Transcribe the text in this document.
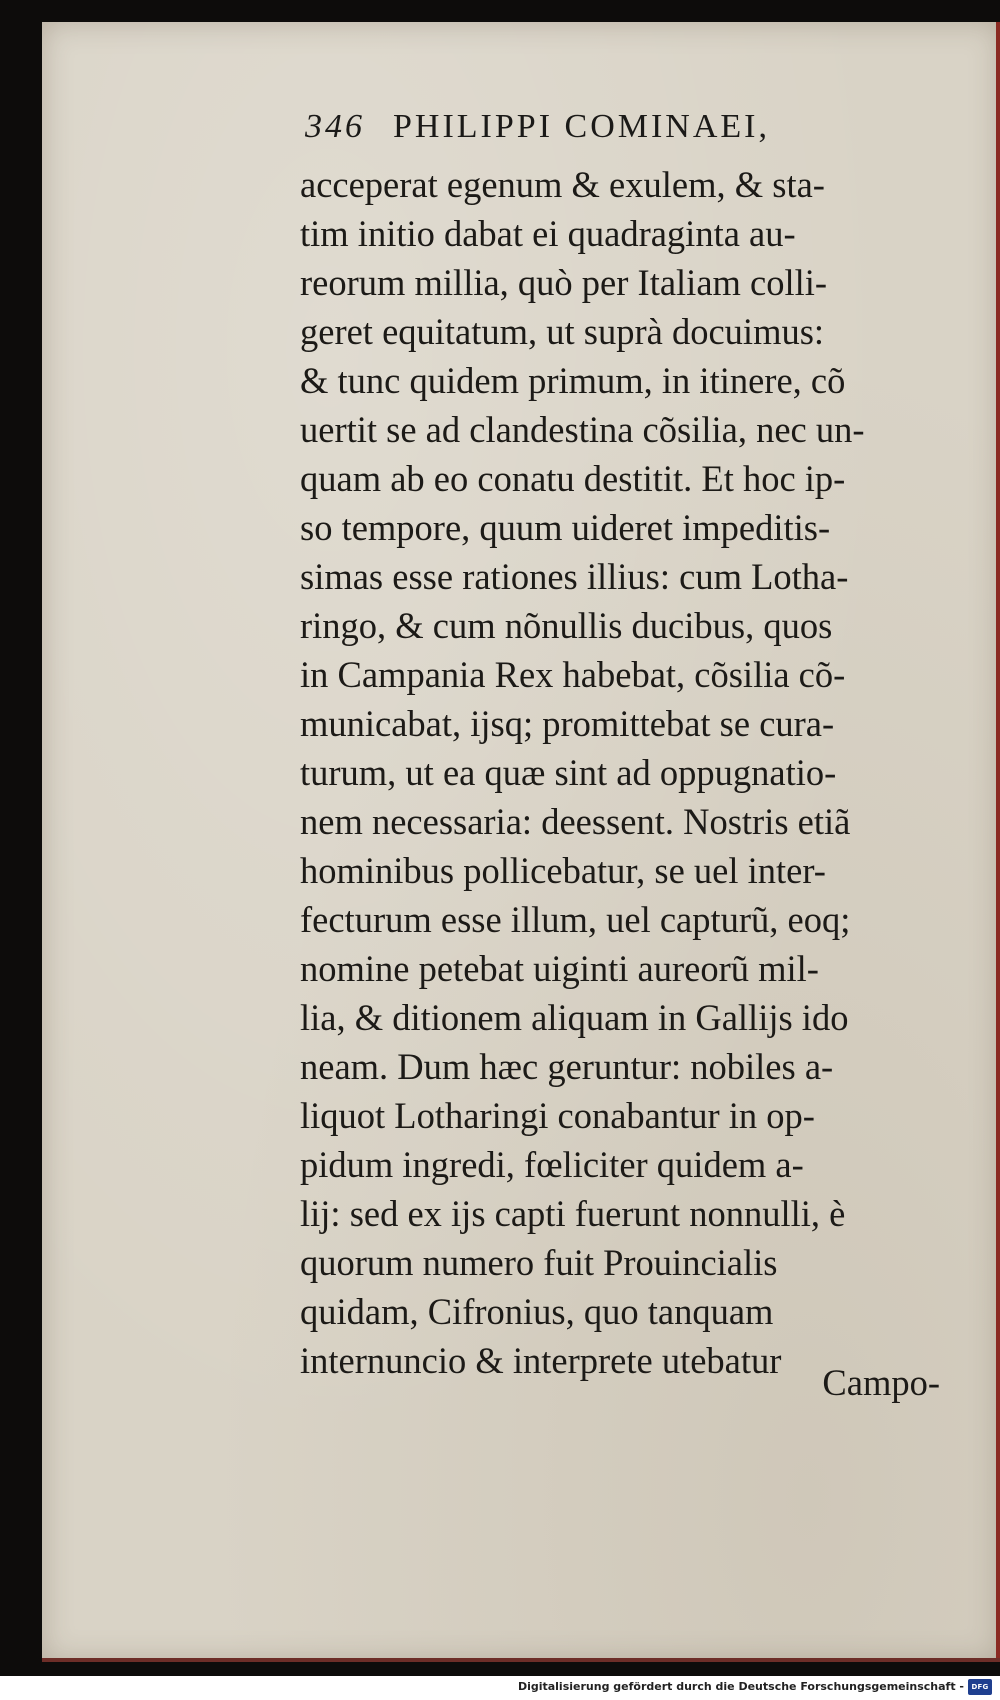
346 PHILIPPI COMINAEI,
acceperat egenum & exulem, & sta-
tim initio dabat ei quadraginta au-
reorum millia, quò per Italiam colli-
geret equitatum, ut suprà docuimus:
& tunc quidem primum, in itinere, cõ
uertit se ad clandestina cõsilia, nec un-
quam ab eo conatu destitit. Et hoc ip-
so tempore, quum uideret impeditis-
simas esse rationes illius: cum Lotha-
ringo, & cum nõnullis ducibus, quos
in Campania Rex habebat, cõsilia cõ-
municabat, ijsq; promittebat se cura-
turum, ut ea quæ sint ad oppugnatio-
nem necessaria: deessent. Nostris etiã
hominibus pollicebatur, se uel inter-
fecturum esse illum, uel capturũ, eoq;
nomine petebat uiginti aureorũ mil-
lia, & ditionem aliquam in Gallijs ido
neam. Dum hæc geruntur: nobiles a-
liquot Lotharingi conabantur in op-
pidum ingredi, fœliciter quidem a-
lij: sed ex ijs capti fuerunt nonnulli, è
quorum numero fuit Prouincialis
quidam, Cifronius, quo tanquam
internuncio & interprete utebatur
Campo-
Digitalisierung gefördert durch die Deutsche Forschungsgemeinschaft - DFG
